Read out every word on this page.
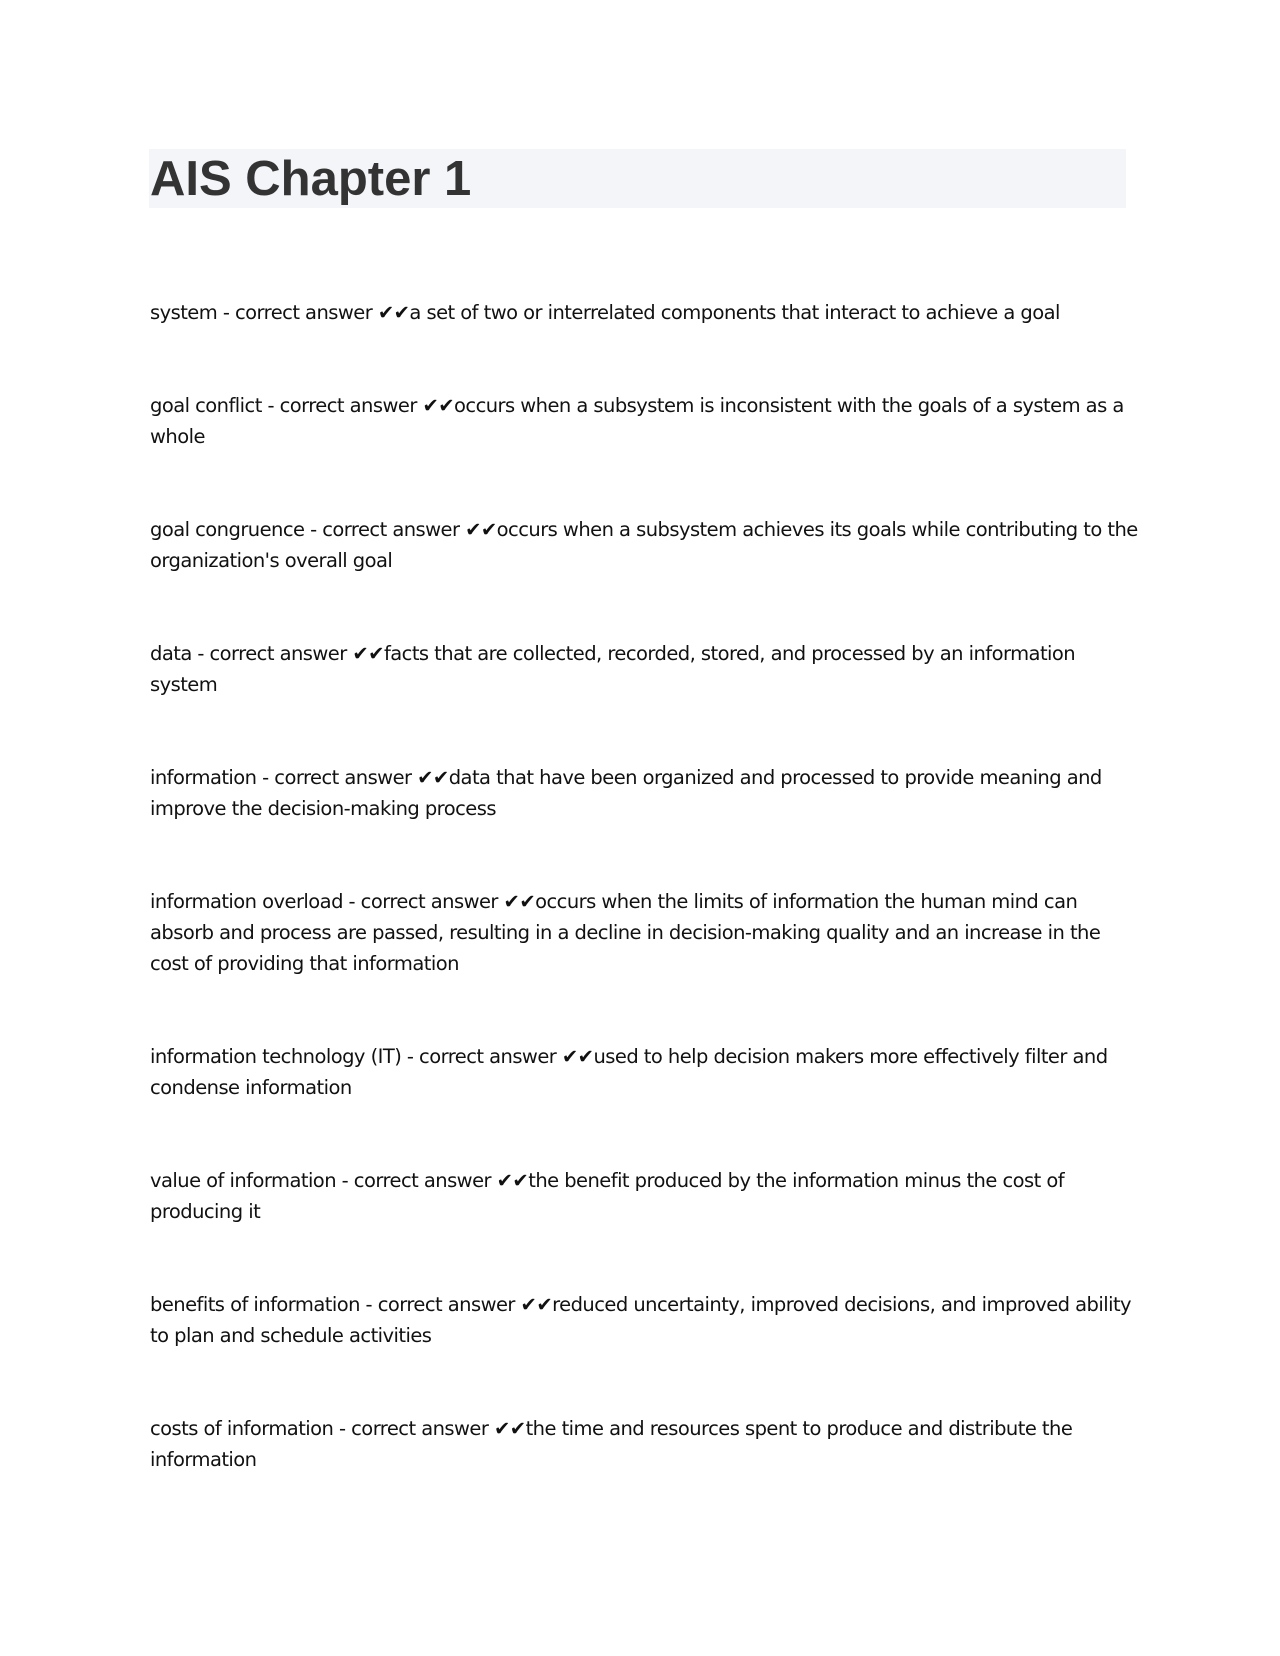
AIS Chapter 1

system - correct answer ✔✔a set of two or interrelated components that interact to achieve a goal

goal conflict - correct answer ✔✔occurs when a subsystem is inconsistent with the goals of a system as a whole

goal congruence - correct answer ✔✔occurs when a subsystem achieves its goals while contributing to the organization's overall goal

data - correct answer ✔✔facts that are collected, recorded, stored, and processed by an information system

information - correct answer ✔✔data that have been organized and processed to provide meaning and improve the decision-making process

information overload - correct answer ✔✔occurs when the limits of information the human mind can absorb and process are passed, resulting in a decline in decision-making quality and an increase in the cost of providing that information

information technology (IT) - correct answer ✔✔used to help decision makers more effectively filter and condense information

value of information - correct answer ✔✔the benefit produced by the information minus the cost of producing it

benefits of information - correct answer ✔✔reduced uncertainty, improved decisions, and improved ability to plan and schedule activities

costs of information - correct answer ✔✔the time and resources spent to produce and distribute the information
